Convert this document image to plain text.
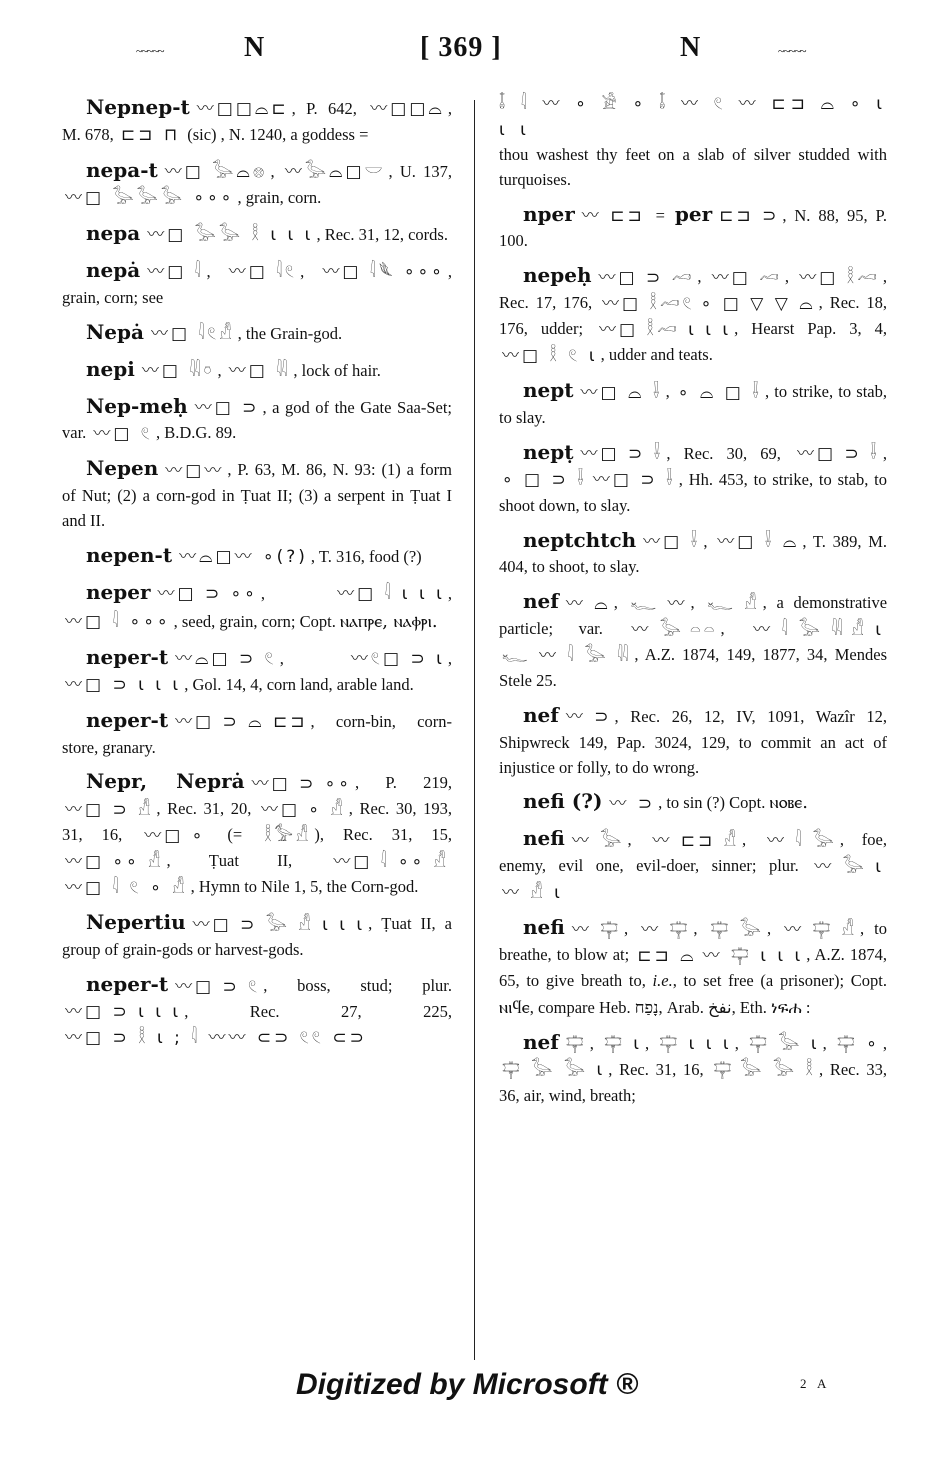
~~~~~	N	[ 369 ]	N	~~~~~

Nepnep-t 〰□□⌓⊏ , P. 642, 〰□□⌓ , M. 678, ⊏⊐ ⊓ (sic) , N. 1240, a goddess =

nepa-t 〰□ 𓅭⌓𓊖 , 〰𓅭⌓□𓎟 , U. 137, 〰□ 𓅭𓅭𓅭 ∘∘∘ , grain, corn.

nepa 〰□ 𓅭𓅭 𓎛 ι ι ι , Rec. 31, 12, cords.

nepȧ 〰□ 𓇋 , 〰□ 𓇋𓏲 , 〰□ 𓇋𓆰 ∘∘∘ , grain, corn; see

Nepȧ 〰□ 𓇋𓏲𓀭 , the Grain-god.

nepi 〰□ 𓇌𓏌 , 〰□ 𓇌 , lock of hair.

Nep-meḥ 〰□ ⊃ , a god of the Gate Saa-Set; var. 〰□ 𓏲 , B.D.G. 89.

Nepen 〰□〰 , P. 63, M. 86, N. 93: (1) a form of Nut; (2) a corn-god in Ṭuat II; (3) a serpent in Ṭuat I and II.

nepen-t 〰⌓□〰 ∘(?) , T. 316, food (?)

neper 〰□ ⊃ ∘∘ , 〰□ 𓇋 ι ι ι , 〰□ 𓇋 ∘∘∘ , seed, grain, corn; Copt. ⲛⲁⲡⲣⲉ, ⲛⲁⲫⲣⲓ.

neper-t 〰⌓□ ⊃ 𓏲 , 〰𓏲□ ⊃ ι , 〰□ ⊃ ι ι ι , Gol. 14, 4, corn land, arable land.

neper-t 〰□ ⊃ ⌓ ⊏⊐ , corn-bin, corn-store, granary.

Nepr, Neprȧ 〰□ ⊃ ∘∘ , P. 219, 〰□ ⊃ 𓀭 , Rec. 31, 20, 〰□ ∘ 𓀭 , Rec. 30, 193, 31, 16, 〰□ ∘ (= 𓎛𓅞𓀭 ), Rec. 31, 15, 〰□ ∘∘ 𓀭 , Ṭuat II, 〰□ 𓇋 ∘∘ 𓀭〰□ 𓇋 𓏲 ∘ 𓀭 , Hymn to Nile 1, 5, the Corn-god.

Nepertiu 〰□ ⊃ 𓅭 𓀭 ι ι ι , Ṭuat II, a group of grain-gods or harvest-gods.

neper-t 〰□ ⊃ 𓏲 , boss, stud; plur. 〰□ ⊃ ι ι ι , Rec. 27, 225, 〰□ ⊃ 𓎛 ι ; 𓇋 〰〰 ⊂⊃ 𓏲𓏲 ⊂⊃

𓄤 𓇋 〰 ∘ 𓀀 ∘ 𓄤 〰 𓏲 〰 ⊏⊐ ⌓ ∘ ι ι ι
thou washest thy feet on a slab of silver studded with turquoises.

nper 〰 ⊏⊐ = per ⊏⊐ ⊃ , N. 88, 95, P. 100.

nepeḥ 〰□ ⊃ 𓄗 , 〰□ 𓄗 , 〰□ 𓎛𓄗 , Rec. 17, 176, 〰□ 𓎛𓄗𓏲 ∘ □ ▽ ▽ ⌓ , Rec. 18, 176, udder; 〰□ 𓎛𓄗 ι ι ι , Hearst Pap. 3, 4, 〰□ 𓎛 𓏲 ι , udder and teats.

nept 〰□ ⌓ 𓌢 , ∘ ⌓ □ 𓌢 , to strike, to stab, to slay.

nepṭ 〰□ ⊃ 𓌢 , Rec. 30, 69, 〰□ ⊃ 𓌢 , ∘ □ ⊃ 𓌢 〰□ ⊃ 𓌢 , Hh. 453, to strike, to stab, to shoot down, to slay.

neptchtch 〰□ 𓌢 , 〰□ 𓌢 ⌓ , T. 389, M. 404, to shoot, to slay.

nef 〰 ⌓ , 𓆑 〰 , 𓆑 𓀭 , a demonstrative particle; var. 〰 𓅭 𓏏𓏏 , 〰 𓇋 𓅭 𓇌 𓀭 ι 𓆑 〰 𓇋 𓅭 𓇌 , A.Z. 1874, 149, 1877, 34, Mendes Stele 25.

nef 〰 ⊃ , Rec. 26, 12, IV, 1091, Wazîr 12, Shipwreck 149, Pap. 3024, 129, to commit an act of injustice or folly, to do wrong.

nefi (?) 〰 ⊃ , to sin (?) Copt. ⲛⲟⲃⲉ.

nefi 〰 𓅭 , 〰 ⊏⊐ 𓀭 , 〰 𓇋 𓅭 , foe, enemy, evil one, evil-doer, sinner; plur. 〰 𓅭 ι〰 𓀭 ι

nefi 〰 𓊡 , 〰 𓊡 , 𓊡 𓅭 , 〰 𓊡 𓀭 , to breathe, to blow at; ⊏⊐ ⌓ 〰 𓊡 ι ι ι , A.Z. 1874, 65, to give breath to, i.e., to set free (a prisoner); Copt. ⲛⲓϥⲉ, compare Heb. נָפַח, Arab. نفخ, Eth. ነፍሐ :

nef 𓊡 , 𓊡 ι , 𓊡 ι ι ι , 𓊡 𓅭 ι , 𓊡 ∘ , 𓊡 𓅭 𓅭 ι , Rec. 31, 16, 𓊡 𓅭 𓅭 𓎛 , Rec. 33, 36, air, wind, breath;

Digitized by Microsoft ®	2 A
